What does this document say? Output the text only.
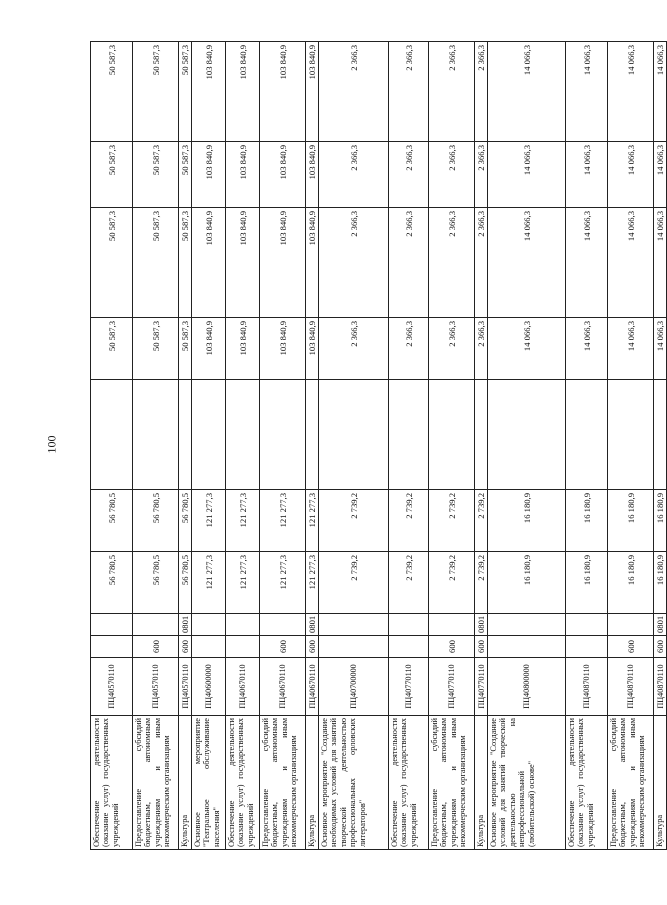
100
Обеспечение деятельности (оказание услуг) государственных учреждений	ПЦ40570110			56 780,5	56 780,5		50 587,3	50 587,3	50 587,3	50 587,3
Предоставление субсидий бюджетным, автономным учреждениям и иным некоммерческим организациям	ПЦ40570110	600		56 780,5	56 780,5		50 587,3	50 587,3	50 587,3	50 587,3
Культура	ПЦ40570110	600	0801	56 780,5	56 780,5		50 587,3	50 587,3	50 587,3	50 587,3
Основное мероприятие "Театральное обслуживание населения"	ПЦ40600000			121 277,3	121 277,3		103 840,9	103 840,9	103 840,9	103 840,9
Обеспечение деятельности (оказание услуг) государственных учреждений	ПЦ40670110			121 277,3	121 277,3		103 840,9	103 840,9	103 840,9	103 840,9
Предоставление субсидий бюджетным, автономным учреждениям и иным некоммерческим организациям	ПЦ40670110	600		121 277,3	121 277,3		103 840,9	103 840,9	103 840,9	103 840,9
Культура	ПЦ40670110	600	0801	121 277,3	121 277,3		103 840,9	103 840,9	103 840,9	103 840,9
Основное мероприятие "Создание необходимых условий для занятий творческой деятельностью профессиональных орловских литераторов"	ПЦ40700000			2 739,2	2 739,2		2 366,3	2 366,3	2 366,3	2 366,3
Обеспечение деятельности (оказание услуг) государственных учреждений	ПЦ40770110			2 739,2	2 739,2		2 366,3	2 366,3	2 366,3	2 366,3
Предоставление субсидий бюджетным, автономным учреждениям и иным некоммерческим организациям	ПЦ40770110	600		2 739,2	2 739,2		2 366,3	2 366,3	2 366,3	2 366,3
Культура	ПЦ40770110	600	0801	2 739,2	2 739,2		2 366,3	2 366,3	2 366,3	2 366,3
Основное мероприятие "Создание условий для занятий творческой деятельностью на непрофессиональной (любительской) основе"	ПЦ40800000			16 180,9	16 180,9		14 066,3	14 066,3	14 066,3	14 066,3
Обеспечение деятельности (оказание услуг) государственных учреждений	ПЦ40870110			16 180,9	16 180,9		14 066,3	14 066,3	14 066,3	14 066,3
Предоставление субсидий бюджетным, автономным учреждениям и иным некоммерческим организациям	ПЦ40870110	600		16 180,9	16 180,9		14 066,3	14 066,3	14 066,3	14 066,3
Культура	ПЦ40870110	600	0801	16 180,9	16 180,9		14 066,3	14 066,3	14 066,3	14 066,3
